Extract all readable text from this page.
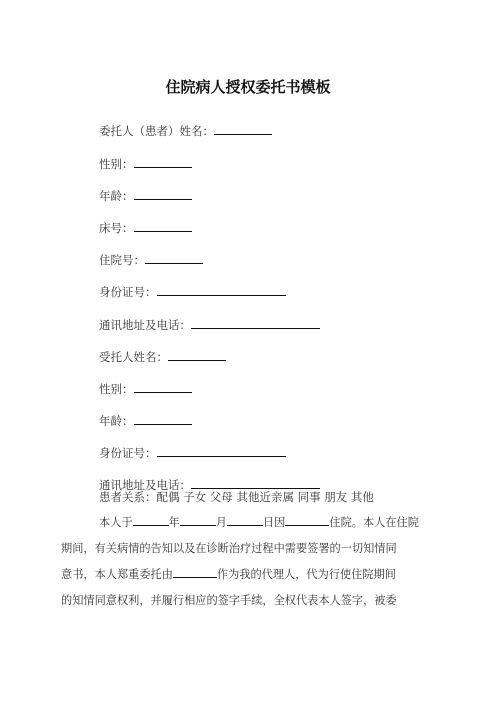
住院病人授权委托书模板
委托人（患者）姓名：
性别：
年龄：
床号：
住院号：
身份证号：
通讯地址及电话：
受托人姓名：
性别：
年龄：
身份证号：
通讯地址及电话：
患者关系：配偶 子女 父母 其他近亲属 同事 朋友 其他
本人于	年	月	日因	住院。本人在住院
期间，有关病情的告知以及在诊断治疗过程中需要签署的一切知情同
意书，本人郑重委托由	作为我的代理人，代为行使住院期间
的知情同意权利，并履行相应的签字手续，全权代表本人签字，被委
